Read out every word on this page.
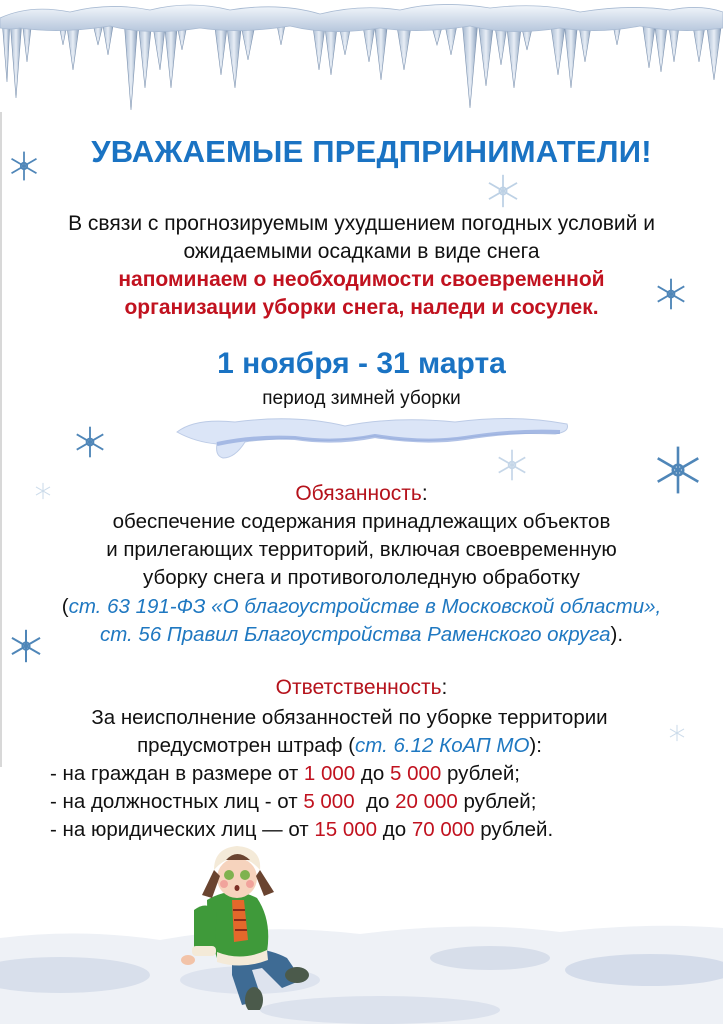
УВАЖАЕМЫЕ ПРЕДПРИНИМАТЕЛИ!
В связи с прогнозируемым ухудшением погодных условий и
ожидаемыми осадками в виде снега
напоминаем о необходимости своевременной
организации уборки снега, наледи и сосулек.
1 ноября - 31 марта
период зимней уборки
Обязанность:
обеспечение содержания принадлежащих объектов
и прилегающих территорий, включая своевременную
уборку снега и противогололедную обработку
(ст. 63 191-ФЗ «О благоустройстве в Московской области»,
ст. 56 Правил Благоустройства Раменского округа).
Ответственность:
За неисполнение обязанностей по уборке территории
предусмотрен штраф (ст. 6.12 КоАП МО):
- на граждан в размере от 1 000 до 5 000 рублей;
- на должностных лиц - от 5 000  до 20 000 рублей;
- на юридических лиц — от 15 000 до 70 000 рублей.
